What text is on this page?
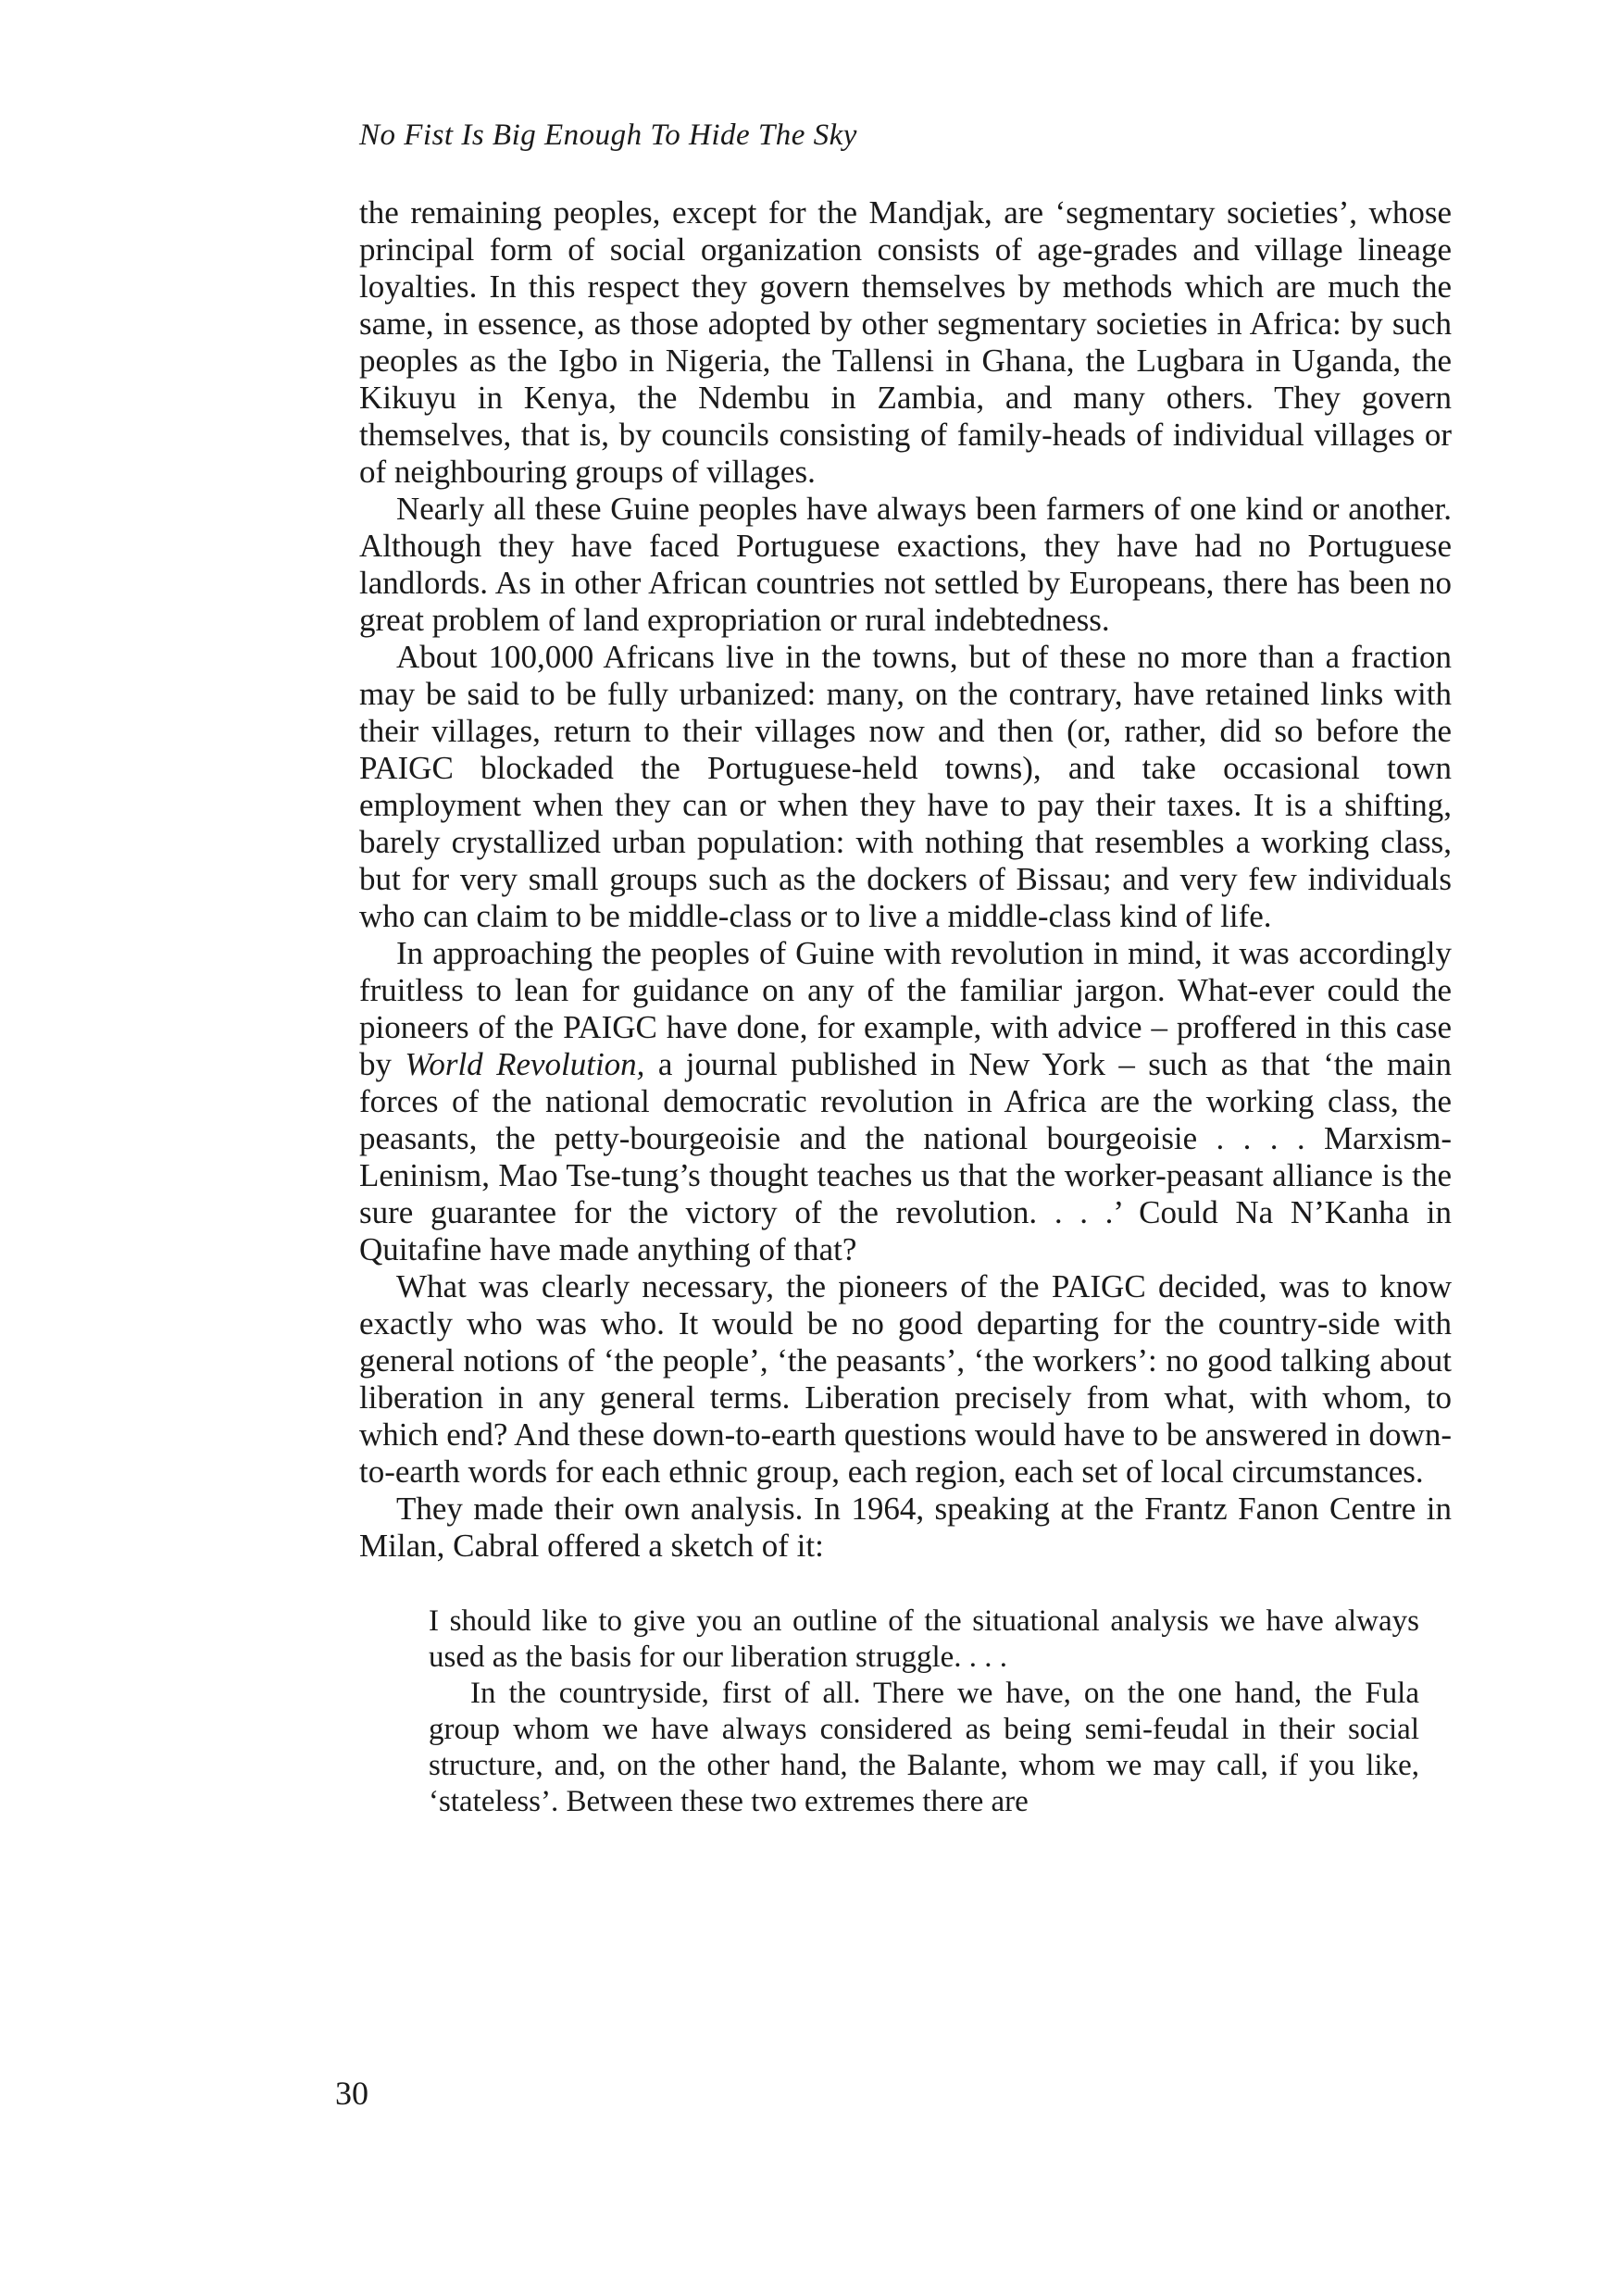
No Fist Is Big Enough To Hide The Sky

the remaining peoples, except for the Mandjak, are ‘segmentary societies’, whose principal form of social organization consists of age-grades and village lineage loyalties. In this respect they govern themselves by methods which are much the same, in essence, as those adopted by other segmentary societies in Africa: by such peoples as the Igbo in Nigeria, the Tallensi in Ghana, the Lugbara in Uganda, the Kikuyu in Kenya, the Ndembu in Zambia, and many others. They govern themselves, that is, by councils consisting of family-heads of individual villages or of neighbouring groups of villages.

Nearly all these Guine peoples have always been farmers of one kind or another. Although they have faced Portuguese exactions, they have had no Portuguese landlords. As in other African countries not settled by Europeans, there has been no great problem of land expropriation or rural indebtedness.

About 100,000 Africans live in the towns, but of these no more than a fraction may be said to be fully urbanized: many, on the contrary, have retained links with their villages, return to their villages now and then (or, rather, did so before the PAIGC blockaded the Portuguese-held towns), and take occasional town employment when they can or when they have to pay their taxes. It is a shifting, barely crystallized urban population: with nothing that resembles a working class, but for very small groups such as the dockers of Bissau; and very few individuals who can claim to be middle-class or to live a middle-class kind of life.

In approaching the peoples of Guine with revolution in mind, it was accordingly fruitless to lean for guidance on any of the familiar jargon. What-ever could the pioneers of the PAIGC have done, for example, with advice – proffered in this case by World Revolution, a journal published in New York – such as that ‘the main forces of the national democratic revolution in Africa are the working class, the peasants, the petty-bourgeoisie and the national bourgeoisie . . . . Marxism-Leninism, Mao Tse-tung’s thought teaches us that the worker-peasant alliance is the sure guarantee for the victory of the revolution. . . .’ Could Na N’Kanha in Quitafine have made anything of that?

What was clearly necessary, the pioneers of the PAIGC decided, was to know exactly who was who. It would be no good departing for the country-side with general notions of ‘the people’, ‘the peasants’, ‘the workers’: no good talking about liberation in any general terms. Liberation precisely from what, with whom, to which end? And these down-to-earth questions would have to be answered in down-to-earth words for each ethnic group, each region, each set of local circumstances.

They made their own analysis. In 1964, speaking at the Frantz Fanon Centre in Milan, Cabral offered a sketch of it:

I should like to give you an outline of the situational analysis we have always used as the basis for our liberation struggle. . . .

In the countryside, first of all. There we have, on the one hand, the Fula group whom we have always considered as being semi-feudal in their social structure, and, on the other hand, the Balante, whom we may call, if you like, ‘stateless’. Between these two extremes there are

30
